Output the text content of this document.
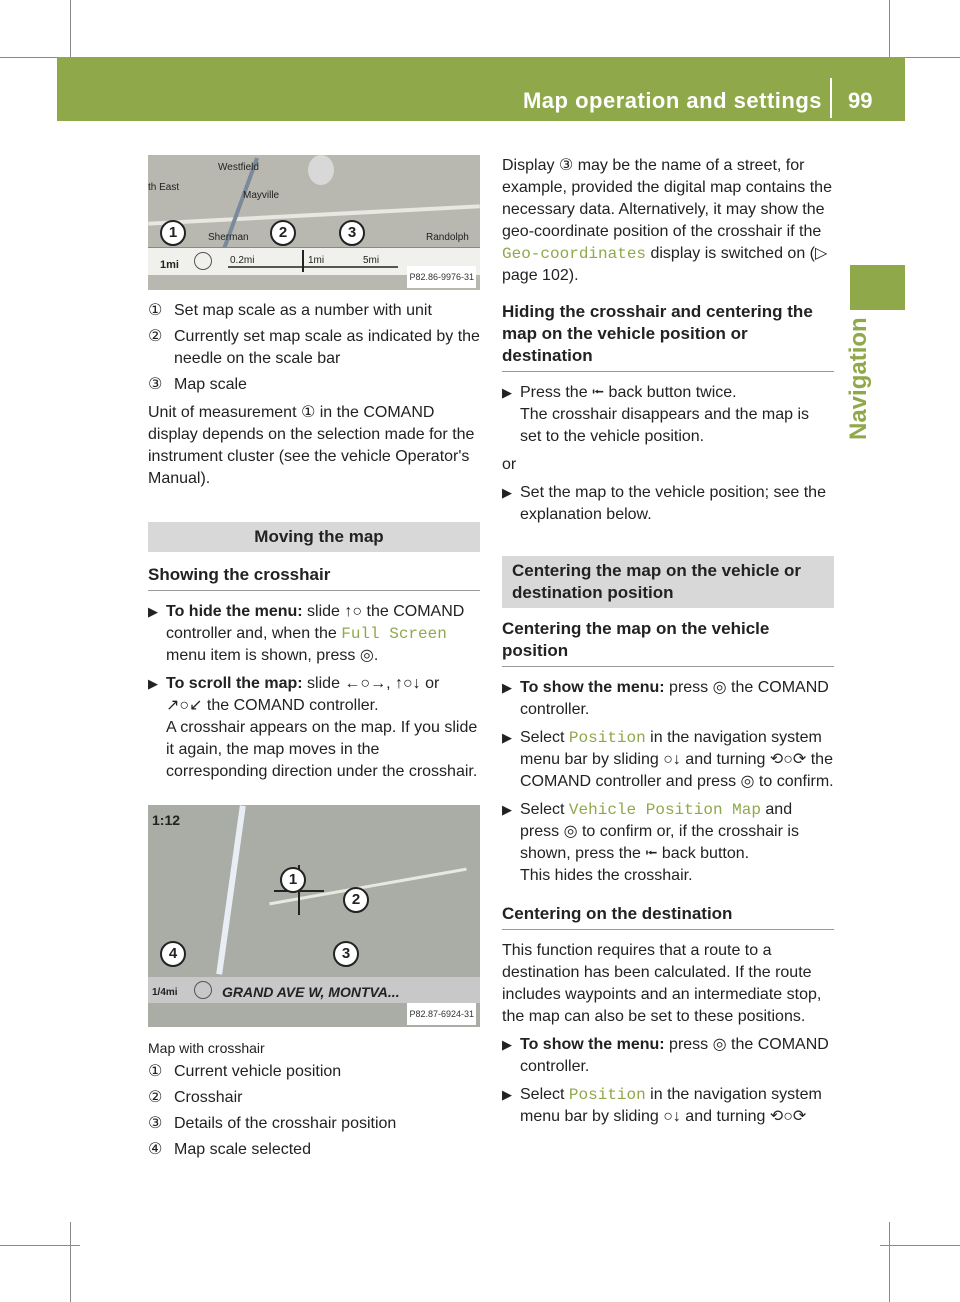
Map operation and settings 99
Navigation
Westfield
Mayville
Sherman	Randolph
th East
1mi	0.2mi	1mi	5mi
1	2	3
P82.86-9976-31
① Set map scale as a number with unit
② Currently set map scale as indicated by the needle on the scale bar
③ Map scale

Unit of measurement ① in the COMAND display depends on the selection made for the instrument cluster (see the vehicle Operator's Manual).

Moving the map
Showing the crosshair
▶ To hide the menu: slide ↑○ the COMAND controller and, when the Full Screen menu item is shown, press ◎.
▶ To scroll the map: slide ←○→, ↑○↓ or ↗○↙ the COMAND controller.
A crosshair appears on the map. If you slide it again, the map moves in the corresponding direction under the crosshair.
1:12
1
2
3
4
1/4mi	GRAND AVE W, MONTVA...
P82.87-6924-31
Map with crosshair
① Current vehicle position
② Crosshair
③ Details of the crosshair position
④ Map scale selected

Display ③ may be the name of a street, for example, provided the digital map contains the necessary data. Alternatively, it may show the geo-coordinate position of the crosshair if the Geo-coordinates display is switched on (▷ page 102).

Hiding the crosshair and centering the map on the vehicle position or destination
▶ Press the ⭰ back button twice.
The crosshair disappears and the map is set to the vehicle position.

or

▶ Set the map to the vehicle position; see the explanation below.
Centering the map on the vehicle or destination position
Centering the map on the vehicle position
▶ To show the menu: press ◎ the COMAND controller.
▶ Select Position in the navigation system menu bar by sliding ○↓ and turning ⟲○⟳ the COMAND controller and press ◎ to confirm.
▶ Select Vehicle Position Map and press ◎ to confirm or, if the crosshair is shown, press the ⭰ back button.
This hides the crosshair.
Centering on the destination

This function requires that a route to a destination has been calculated. If the route includes waypoints and an intermediate stop, the map can also be set to these positions.

▶ To show the menu: press ◎ the COMAND controller.
▶ Select Position in the navigation system menu bar by sliding ○↓ and turning ⟲○⟳
